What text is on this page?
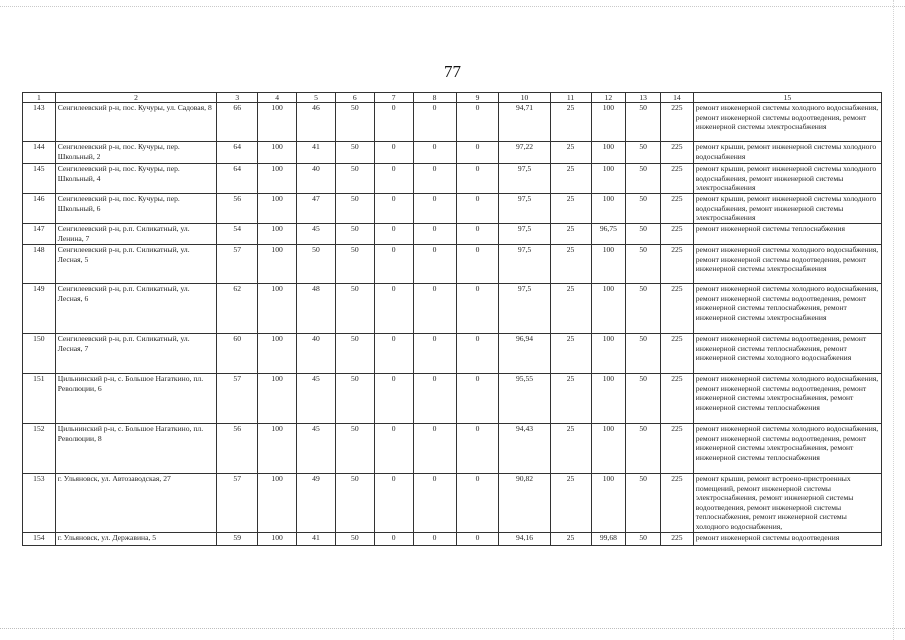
77
1	2	3	4	5	6	7	8	9	10	11	12	13	14	15
143	Сенгилеевский р-н, пос. Кучуры, ул. Садовая, 8	66	100	46	50	0	0	0	94,71	25	100	50	225	ремонт инженерной системы холодного водоснабжения, ремонт инженерной системы водоотведения, ремонт инженерной системы электроснабжения
144	Сенгилеевский р-н, пос. Кучуры, пер. Школьный, 2	64	100	41	50	0	0	0	97,22	25	100	50	225	ремонт крыши, ремонт инженерной системы холодного водоснабжения
145	Сенгилеевский р-н, пос. Кучуры, пер. Школьный, 4	64	100	40	50	0	0	0	97,5	25	100	50	225	ремонт крыши, ремонт инженерной системы холодного водоснабжения, ремонт инженерной системы электроснабжения
146	Сенгилеевский р-н, пос. Кучуры, пер. Школьный, 6	56	100	47	50	0	0	0	97,5	25	100	50	225	ремонт крыши, ремонт инженерной системы холодного водоснабжения, ремонт инженерной системы электроснабжения
147	Сенгилеевский р-н, р.п. Силикатный, ул. Ленина, 7	54	100	45	50	0	0	0	97,5	25	96,75	50	225	ремонт инженерной системы теплоснабжения
148	Сенгилеевский р-н, р.п. Силикатный, ул. Лесная, 5	57	100	50	50	0	0	0	97,5	25	100	50	225	ремонт инженерной системы холодного водоснабжения, ремонт инженерной системы водоотведения, ремонт инженерной системы электроснабжения
149	Сенгилеевский р-н, р.п. Силикатный, ул. Лесная, 6	62	100	48	50	0	0	0	97,5	25	100	50	225	ремонт инженерной системы холодного водоснабжения, ремонт инженерной системы водоотведения, ремонт инженерной системы теплоснабжения, ремонт инженерной системы электроснабжения
150	Сенгилеевский р-н, р.п. Силикатный, ул. Лесная, 7	60	100	40	50	0	0	0	96,94	25	100	50	225	ремонт инженерной системы водоотведения, ремонт инженерной системы теплоснабжения, ремонт инженерной системы холодного водоснабжения
151	Цильнинский р-н, с. Большое Нагаткино, пл. Революции, 6	57	100	45	50	0	0	0	95,55	25	100	50	225	ремонт инженерной системы холодного водоснабжения, ремонт инженерной системы водоотведения, ремонт инженерной системы электроснабжения, ремонт инженерной системы теплоснабжения
152	Цильнинский р-н, с. Большое Нагаткино, пл. Революции, 8	56	100	45	50	0	0	0	94,43	25	100	50	225	ремонт инженерной системы холодного водоснабжения, ремонт инженерной системы водоотведения, ремонт инженерной системы электроснабжения, ремонт инженерной системы теплоснабжения
153	г. Ульяновск, ул. Автозаводская, 27	57	100	49	50	0	0	0	90,82	25	100	50	225	ремонт крыши, ремонт встроено-пристроенных помещений, ремонт инженерной системы электроснабжения, ремонт инженерной системы водоотведения, ремонт инженерной системы теплоснабжения, ремонт инженерной системы холодного водоснабжения,
154	г. Ульяновск, ул. Державина, 5	59	100	41	50	0	0	0	94,16	25	99,68	50	225	ремонт инженерной системы водоотведения
